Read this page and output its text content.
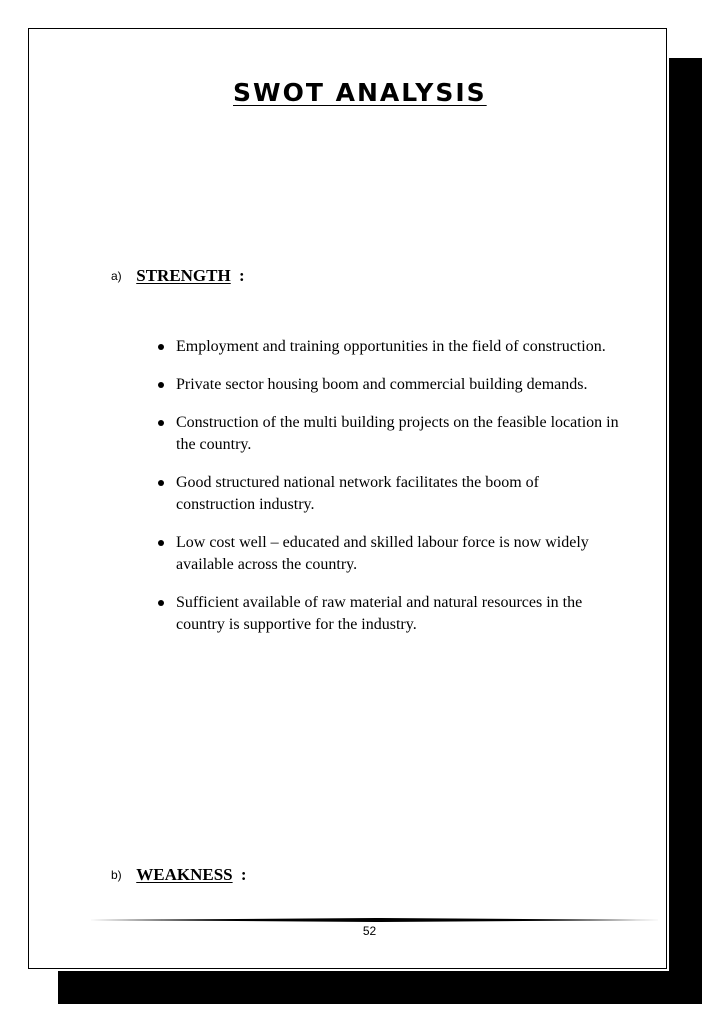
SWOT ANALYSIS
a) STRENGTH :
Employment and training opportunities in the field of construction.
Private sector housing boom and commercial building demands.
Construction of the multi building projects on the feasible location in the country.
Good structured national network facilitates the boom of construction industry.
Low cost well – educated and skilled labour force is now widely available across the country.
Sufficient available of raw material and natural resources in the country is supportive for the industry.
b) WEAKNESS :
52
